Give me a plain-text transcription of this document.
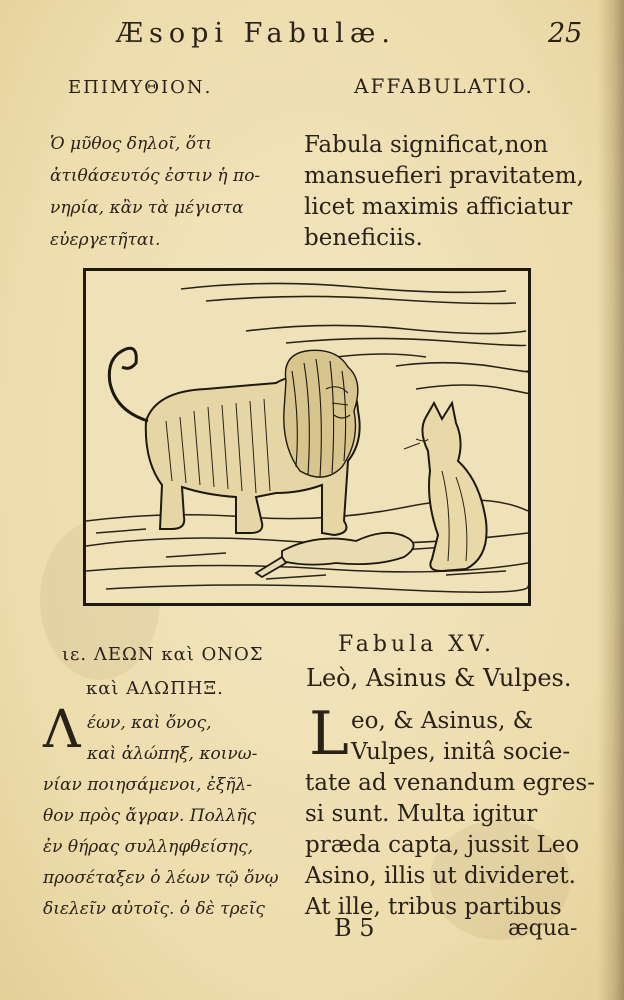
Æsopi Fabulæ.	25
ΕΠΙΜΥΘΙΟΝ.	AFFABULATIO.
Ὁ μῦθος δηλοῖ, ὅτι
ἀτιθάσευτός ἐστιν ἡ πο-
νηρία, κἂν τὰ μέγιστα
εὐεργετῆται.
Fabula significat,non
mansuefieri pravitatem,
licet maximis afficiatur
beneficiis.
ιε. ΛΕΩΝ καὶ ΟΝΟΣ
καὶ ΑΛΩΠΗΞ.
Fabula XV.
Leò, Asinus & Vulpes.
Λ έων, καὶ ὄνος,
καὶ ἀλώπηξ, κοινω-
νίαν ποιησάμενοι, ἐξῆλ-
θον πρὸς ἄγραν. Πολλῆς
ἐν θήρας συλληφθείσης,
προσέταξεν ὁ λέων τῷ ὄνῳ
διελεῖν αὐτοῖς. ὁ δὲ τρεῖς
L eo, & Asinus, &
Vulpes, initâ socie-
tate ad venandum egres-
si sunt. Multa igitur
præda capta, jussit Leo
Asino, illis ut divideret.
At ille, tribus partibus
B 5	æqua-
